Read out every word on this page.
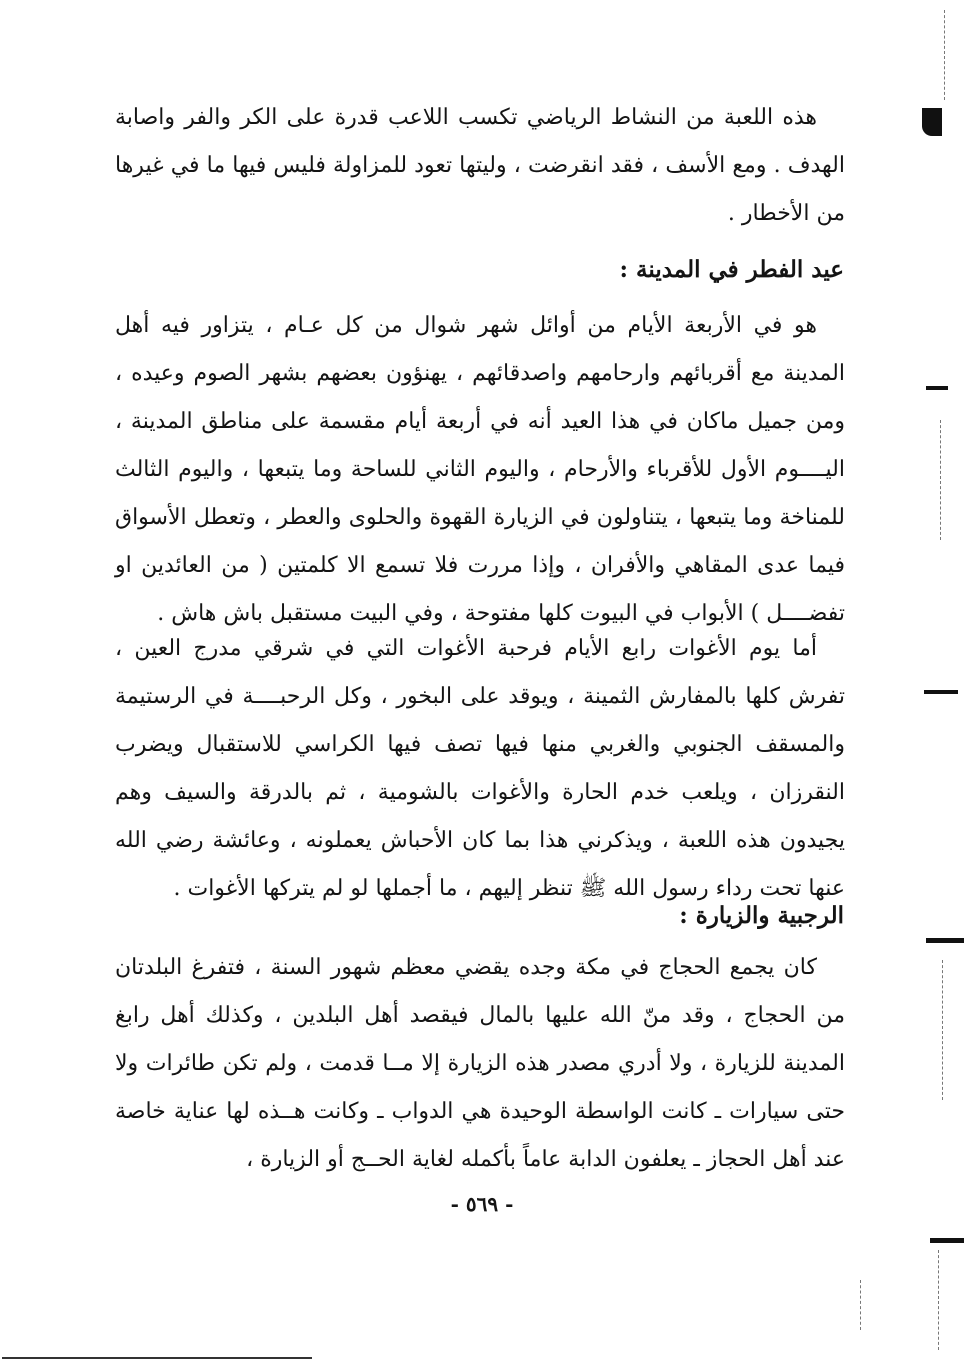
هذه اللعبة من النشاط الرياضي تكسب اللاعب قدرة على الكر والفر واصابة الهدف . ومع الأسف ، فقد انقرضت ، وليتها تعود للمزاولة فليس فيها ما في غيرها من الأخطار .

عيد الفطر في المدينة :

هو في الأربعة الأيام من أوائل شهر شوال من كل عـام ، يتزاور فيه أهل المدينة مع أقربائهم وارحامهم واصدقائهم ، يهنؤون بعضهم بشهر الصوم وعيده ، ومن جميل ماكان في هذا العيد أنه في أربعة أيام مقسمة على مناطق المدينة ، اليــــوم الأول للأقرباء والأرحام ، واليوم الثاني للساحة وما يتبعها ، واليوم الثالث للمناخة وما يتبعها ، يتناولون في الزيارة القهوة والحلوى والعطر ، وتعطل الأسواق فيما عدى المقاهي والأفران ، وإذا مررت فلا تسمع الا كلمتين ( من العائدين او تفضــــل ) الأبواب في البيوت كلها مفتوحة ، وفي البيت مستقبل باش هاش .

أما يوم الأغوات رابع الأيام فرحبة الأغوات التي في شرقي مدرج العين ، تفرش كلها بالمفارش الثمينة ، ويوقد على البخور ، وكل الرحبــــة في الرستيمة والمسقف الجنوبي والغربي منها فيها تصف فيها الكراسي للاستقبال ويضرب النقرزان ، ويلعب خدم الحارة والأغوات بالشومية ، ثم بالدرقة والسيف وهم يجيدون هذه اللعبة ، ويذكرني هذا بما كان الأحباش يعملونه ، وعائشة رضي الله عنها تحت رداء رسول الله ﷺ تنظر إليهم ، ما أجملها لو لم يتركها الأغوات .

الرجبية والزيارة :

كان يجمع الحجاج في مكة وجده يقضي معظم شهور السنة ، فتفرغ البلدتان من الحجاج ، وقد منّ الله عليها بالمال فيقصد أهل البلدين ، وكذلك أهل رابغ المدينة للزيارة ، ولا أدري مصدر هذه الزيارة إلا مــا قدمت ، ولم تكن طائرات ولا حتى سيارات ـ كانت الواسطة الوحيدة هي الدواب ـ وكانت هــذه لها عناية خاصة عند أهل الحجاز ـ يعلفون الدابة عاماً بأكمله لغاية الحــج أو الزيارة ،

- ٥٦٩ -
